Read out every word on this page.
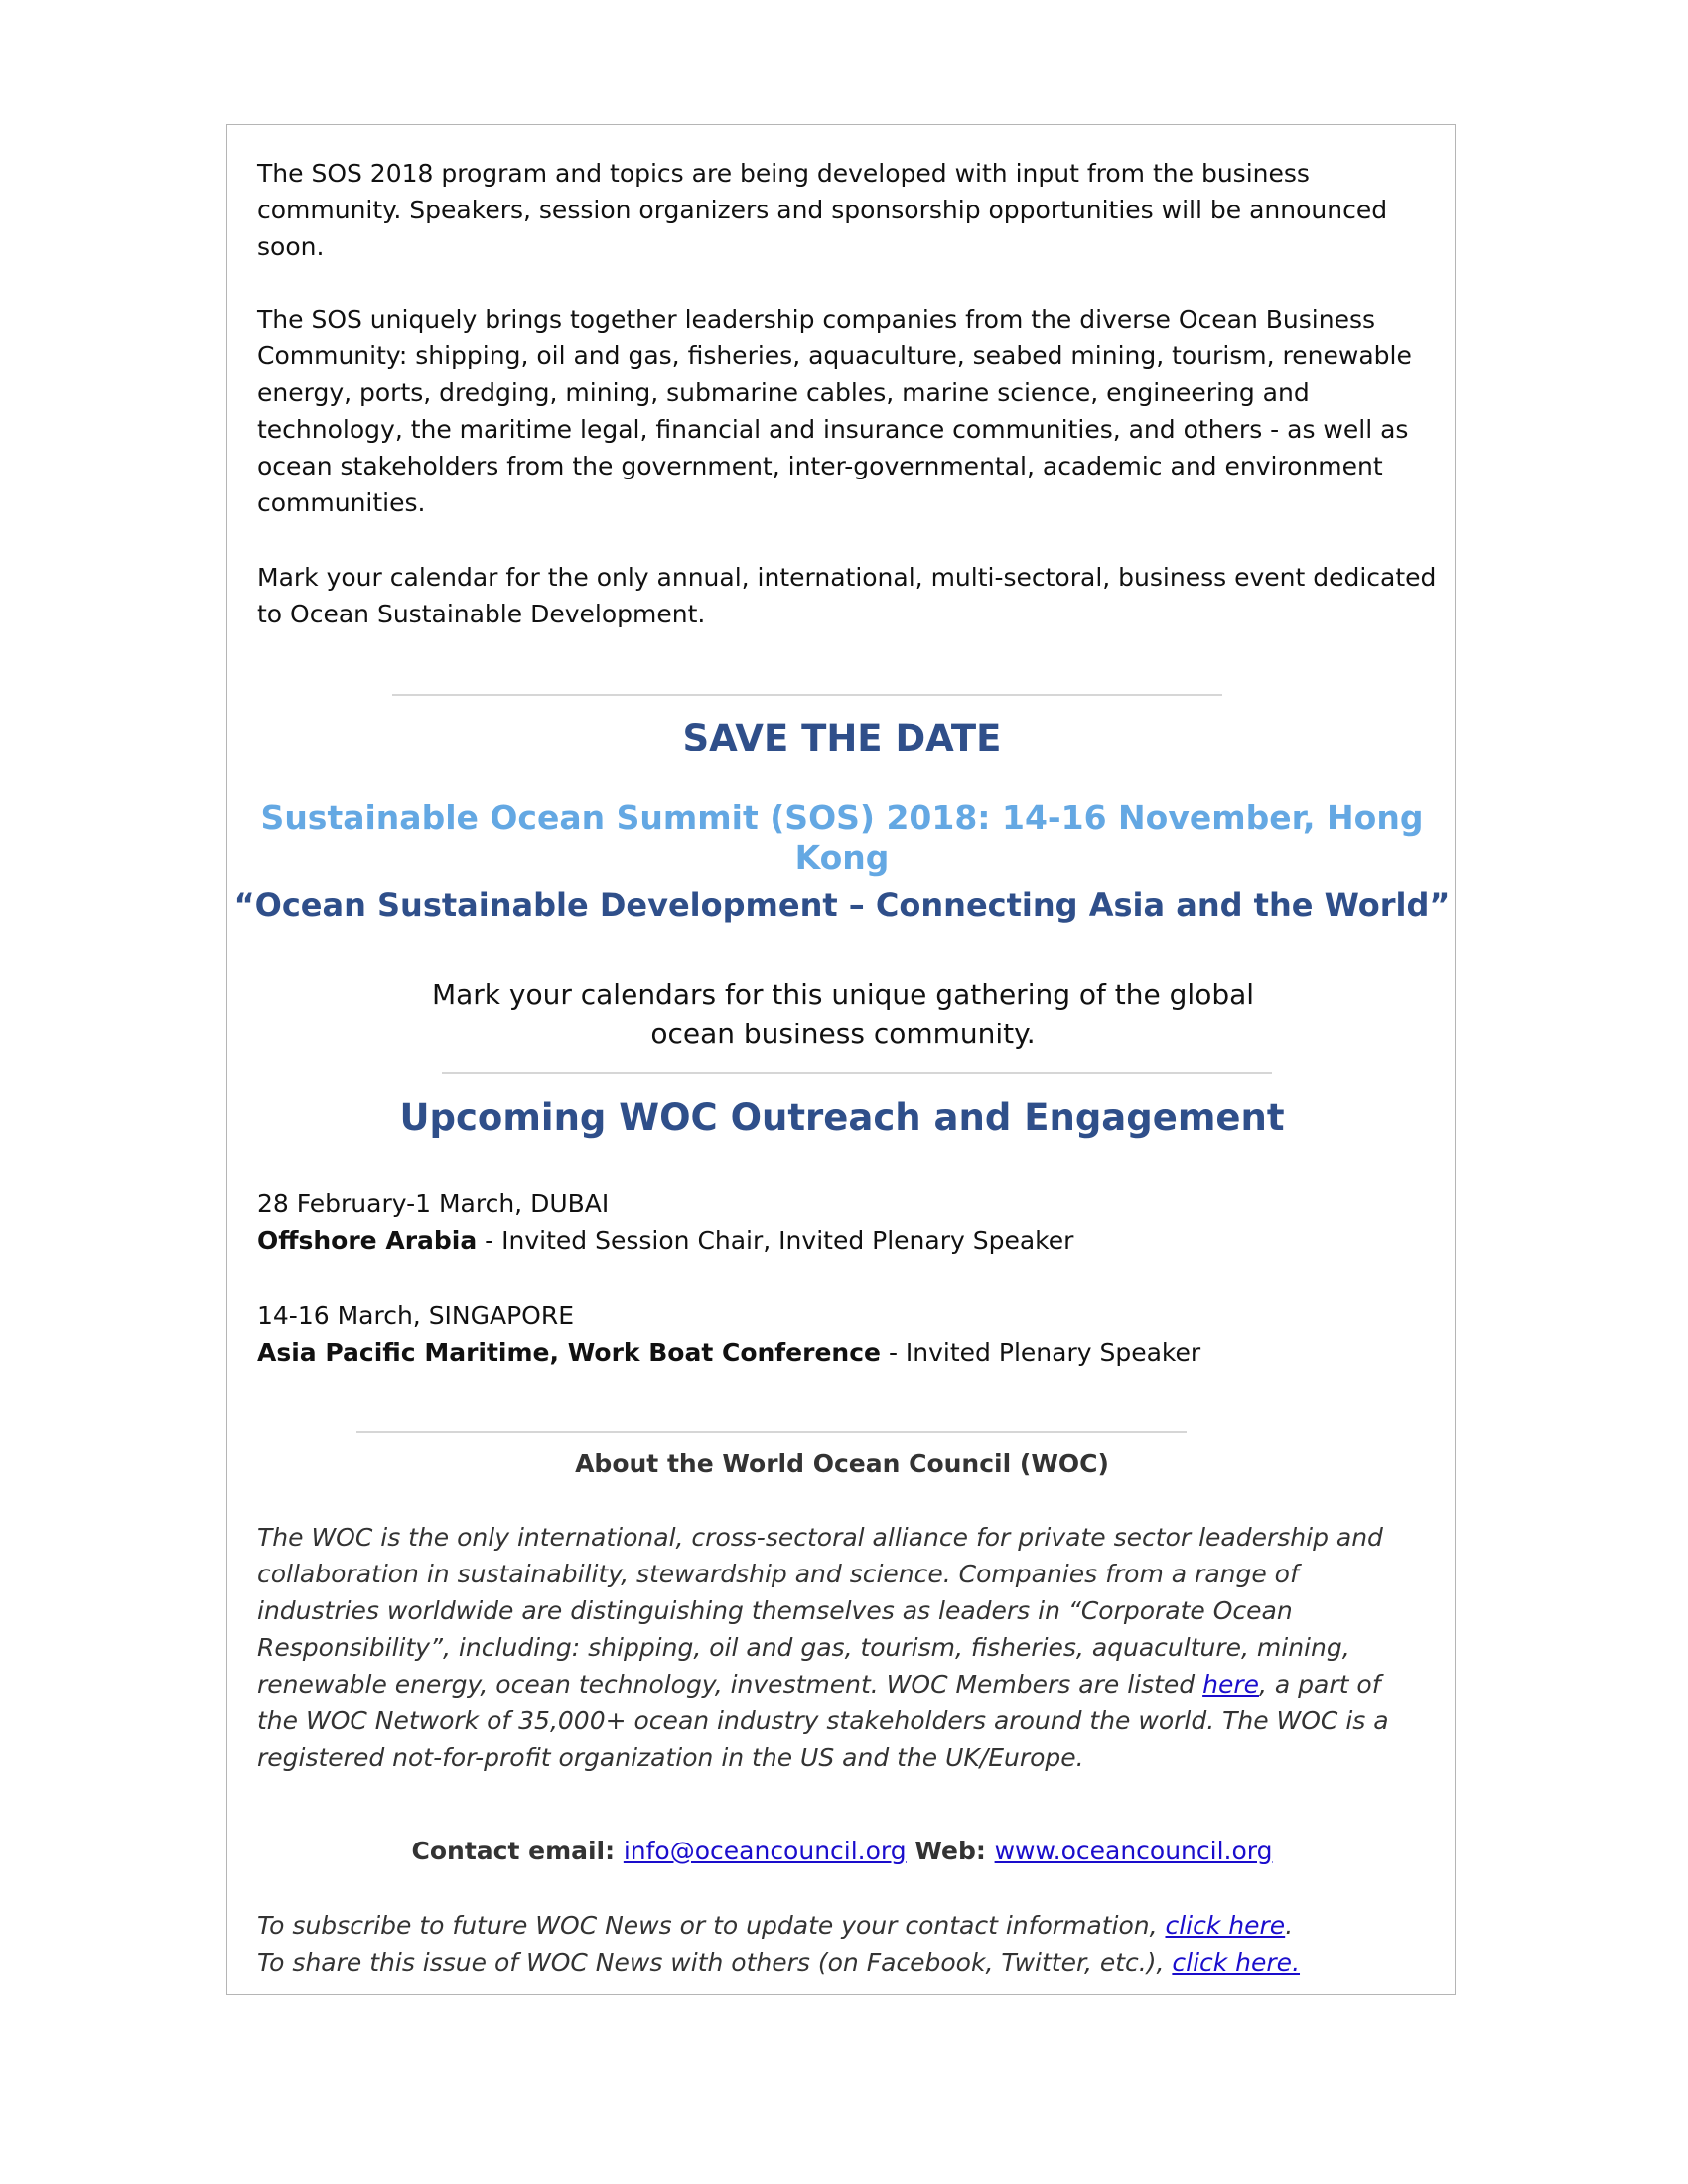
The SOS 2018 program and topics are being developed with input from the business community. Speakers, session organizers and sponsorship opportunities will be announced soon.

The SOS uniquely brings together leadership companies from the diverse Ocean Business Community: shipping, oil and gas, fisheries, aquaculture, seabed mining, tourism, renewable energy, ports, dredging, mining, submarine cables, marine science, engineering and technology, the maritime legal, financial and insurance communities, and others - as well as ocean stakeholders from the government, inter-governmental, academic and environment communities.

Mark your calendar for the only annual, international, multi-sectoral, business event dedicated to Ocean Sustainable Development.

SAVE THE DATE
Sustainable Ocean Summit (SOS) 2018: 14-16 November, Hong Kong
“Ocean Sustainable Development – Connecting Asia and the World”
Mark your calendars for this unique gathering of the global ocean business community.
Upcoming WOC Outreach and Engagement
28 February-1 March, DUBAI
Offshore Arabia - Invited Session Chair, Invited Plenary Speaker
14-16 March, SINGAPORE
Asia Pacific Maritime, Work Boat Conference - Invited Plenary Speaker
About the World Ocean Council (WOC)

The WOC is the only international, cross-sectoral alliance for private sector leadership and collaboration in sustainability, stewardship and science. Companies from a range of industries worldwide are distinguishing themselves as leaders in “Corporate Ocean Responsibility”, including: shipping, oil and gas, tourism, fisheries, aquaculture, mining, renewable energy, ocean technology, investment. WOC Members are listed here, a part of the WOC Network of 35,000+ ocean industry stakeholders around the world. The WOC is a registered not-for-profit organization in the US and the UK/Europe.

Contact email: info@oceancouncil.org Web: www.oceancouncil.org
To subscribe to future WOC News or to update your contact information, click here.
To share this issue of WOC News with others (on Facebook, Twitter, etc.), click here.
